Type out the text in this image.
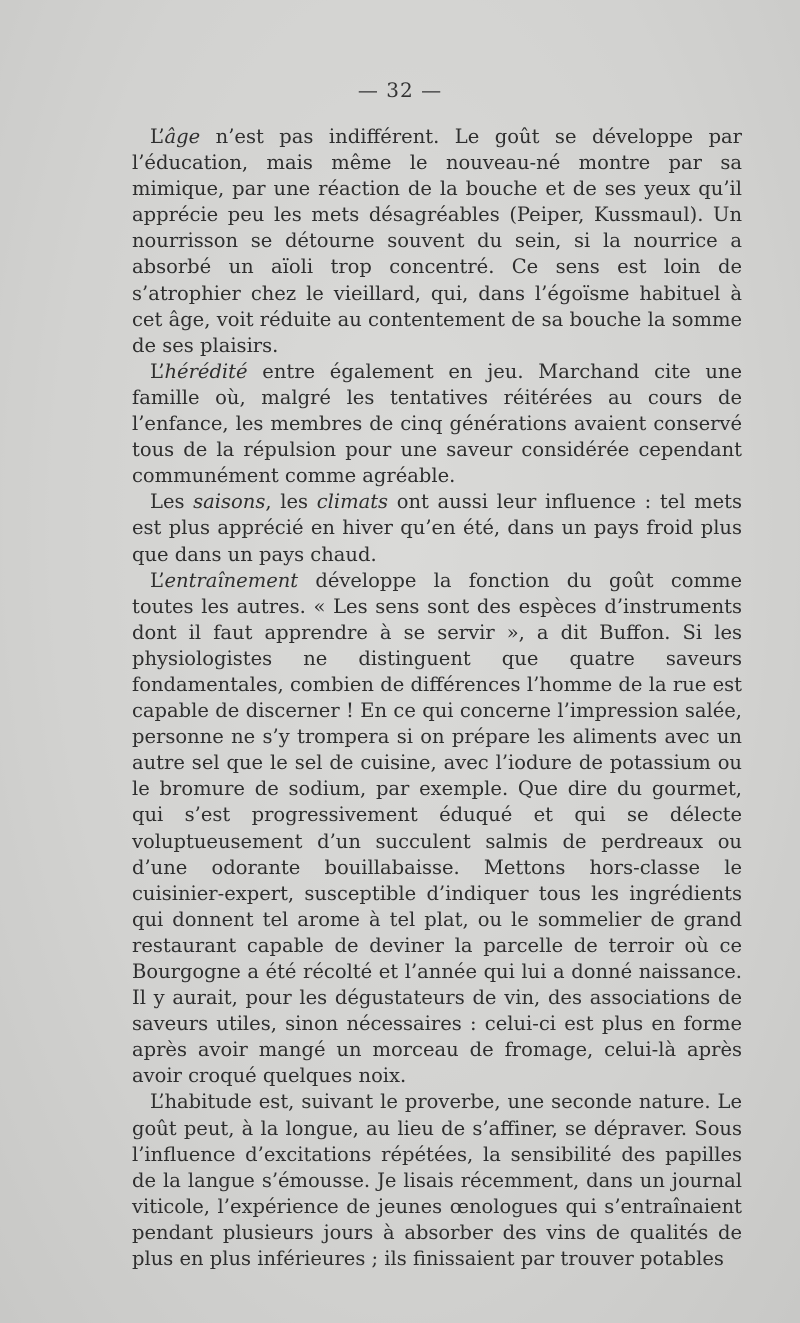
— 32 —

L’âge n’est pas indifférent. Le goût se développe par l’éducation, mais même le nouveau-né montre par sa mimique, par une réaction de la bouche et de ses yeux qu’il apprécie peu les mets désagréables (Peiper, Kussmaul). Un nourrisson se détourne souvent du sein, si la nourrice a absorbé un aïoli trop concentré. Ce sens est loin de s’atrophier chez le vieillard, qui, dans l’égoïsme habituel à cet âge, voit réduite au contentement de sa bouche la somme de ses plaisirs.

L’hérédité entre également en jeu. Marchand cite une famille où, malgré les tentatives réitérées au cours de l’enfance, les membres de cinq générations avaient conservé tous de la répulsion pour une saveur considérée cependant communément comme agréable.

Les saisons, les climats ont aussi leur influence : tel mets est plus apprécié en hiver qu’en été, dans un pays froid plus que dans un pays chaud.

L’entraînement développe la fonction du goût comme toutes les autres. « Les sens sont des espèces d’instruments dont il faut apprendre à se servir », a dit Buffon. Si les physiologistes ne distinguent que quatre saveurs fondamentales, combien de différences l’homme de la rue est capable de discerner ! En ce qui concerne l’impression salée, personne ne s’y trompera si on prépare les aliments avec un autre sel que le sel de cuisine, avec l’iodure de potassium ou le bromure de sodium, par exemple. Que dire du gourmet, qui s’est progressivement éduqué et qui se délecte voluptueusement d’un succulent salmis de perdreaux ou d’une odorante bouillabaisse. Mettons hors-classe le cuisinier-expert, susceptible d’indiquer tous les ingrédients qui donnent tel arome à tel plat, ou le sommelier de grand restaurant capable de deviner la parcelle de terroir où ce Bourgogne a été récolté et l’année qui lui a donné naissance. Il y aurait, pour les dégustateurs de vin, des associations de saveurs utiles, sinon nécessaires : celui-ci est plus en forme après avoir mangé un morceau de fromage, celui-là après avoir croqué quelques noix.

L’habitude est, suivant le proverbe, une seconde nature. Le goût peut, à la longue, au lieu de s’affiner, se dépraver. Sous l’influence d’excitations répétées, la sensibilité des papilles de la langue s’émousse. Je lisais récemment, dans un journal viticole, l’expérience de jeunes œnologues qui s’entraînaient pendant plusieurs jours à absorber des vins de qualités de plus en plus inférieures ; ils finissaient par trouver potables
